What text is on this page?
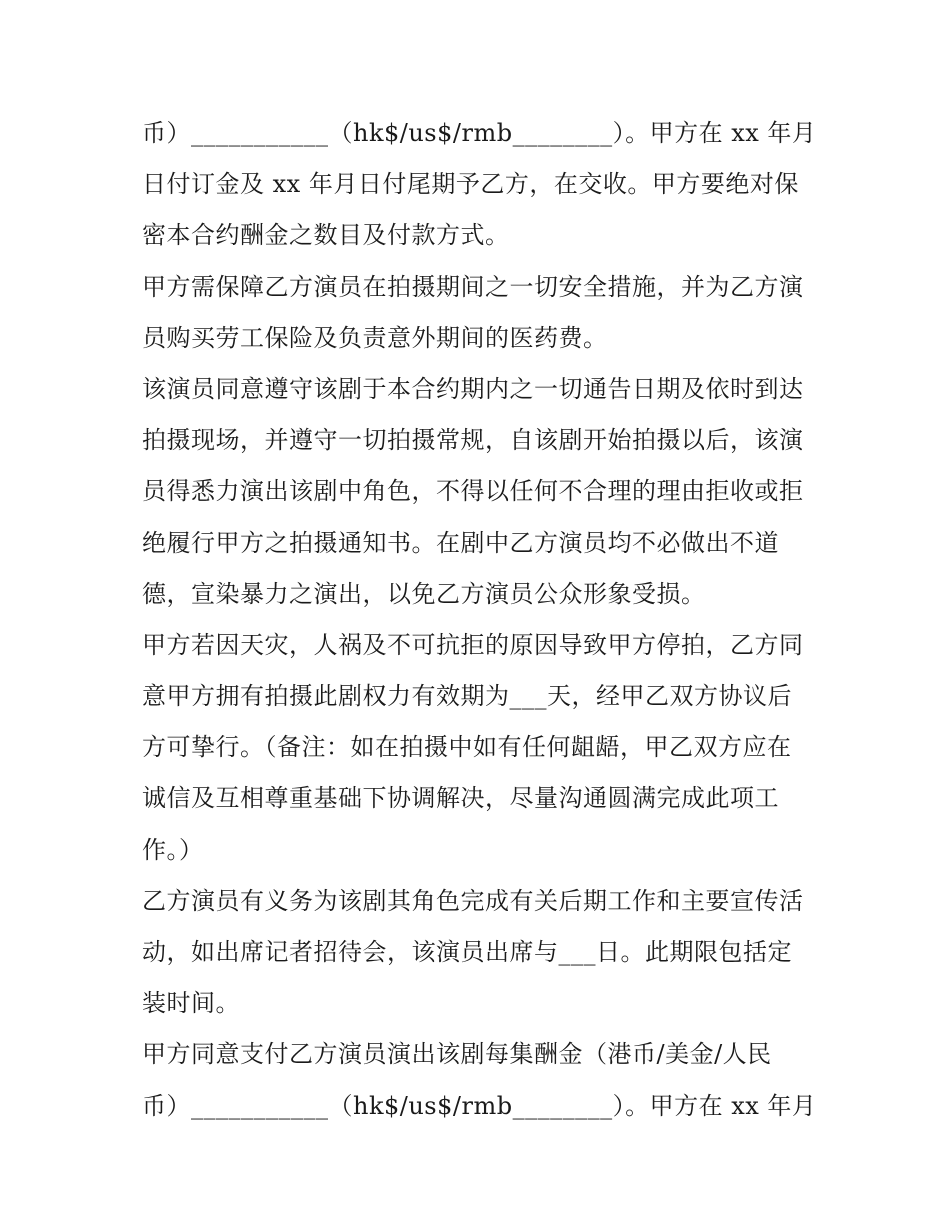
币）___________（hk$/us$/rmb________）。甲方在 xx 年月
日付订金及 xx 年月日付尾期予乙方，在交收。甲方要绝对保
密本合约酬金之数目及付款方式。
甲方需保障乙方演员在拍摄期间之一切安全措施，并为乙方演
员购买劳工保险及负责意外期间的医药费。
该演员同意遵守该剧于本合约期内之一切通告日期及依时到达
拍摄现场，并遵守一切拍摄常规，自该剧开始拍摄以后，该演
员得悉力演出该剧中角色，不得以任何不合理的理由拒收或拒
绝履行甲方之拍摄通知书。在剧中乙方演员均不必做出不道
德，宣染暴力之演出，以免乙方演员公众形象受损。
甲方若因天灾，人祸及不可抗拒的原因导致甲方停拍，乙方同
意甲方拥有拍摄此剧权力有效期为___天，经甲乙双方协议后
方可挚行。（备注：如在拍摄中如有任何龃龉，甲乙双方应在
诚信及互相尊重基础下协调解决，尽量沟通圆满完成此项工
作。）
乙方演员有义务为该剧其角色完成有关后期工作和主要宣传活
动，如出席记者招待会，该演员出席与___日。此期限包括定
装时间。
甲方同意支付乙方演员演出该剧每集酬金（港币/美金/人民
币）___________（hk$/us$/rmb________）。甲方在 xx 年月
